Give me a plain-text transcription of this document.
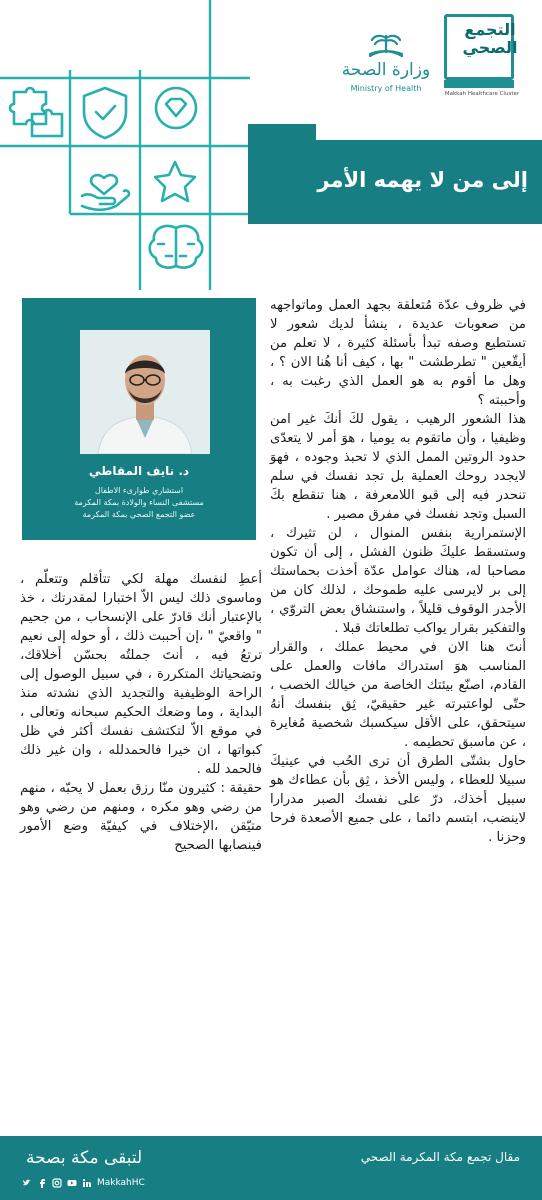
التجمع الصحي
Makkah Healthcare Cluster
وزارة الصحة
Ministry of Health
إلى من لا يهمه الأمر
د. نايف المقاطي
استشاري طوارىء الاطفال
مستشفى النساء والولادة بمكة المكرمة
عضو التجمع الصحي بمكة المكرمة

في ظروف عدّة مُتعلقة بجهد العمل وماتواجهه من صعوبات عديدة ، ينشأ لديك شعور لا تستطيع وصفه تبدأ بأسئلة كثيرة ، لا تعلم من أيقّعين " تطرطشت " بها ، كيف أنا هُنا الان ؟ ، وهل ما أقوم به هو العمل الذي رغبت به ، وأحببته ؟

هذا الشعور الرهيب ، يقول لكَ أنكَ غير امن وظيفيا ، وأن ماتقوم به يوميا ، هوَ أمر لا يتعدّى حدود الروتين الممل الذي لا تحبذ وجوده ، فهوَ لايجدد روحك العملية بل تجد نفسك في سلم تنحدر فيه إلى قبو اللامعرفة ، هنا تنقطع بكَ السبل وتجد نفسك في مفرق مصير .

الإستمرارية بنفس المنوال ، لن تثيرك ، وستسقط عليكَ ظنون الفشل ، إلى أن تكون مصاحبا له، هناك عوامل عدّة أخذت بحماستك إلى بر لايرسى عليه طموحك ، لذلك كان من الأجدر الوقوف قليلاً ، واستنشاق بعض التروّي ، والتفكير بقرار يواكب تطلعاتك قبلا .

أنتَ هنا الان في محيط عملك ، والقرار المناسب هوَ استدراك مافات والعمل على القادم، اصنّع بيئتك الخاصة من خيالك الخصب ، حتّى لواعتبرته غير حقيقيّ، ثِق بنفسك أنهُ سيتحقق، على الأقل سيكسبك شخصية مُغايرة ، عن ماسبق تحطيمه .

حاول بشتّى الطرق أن ترى الحُب في عينيكَ سبيلا للعطاء ، وليس الأخذ ، ثِق بأن عطاءك هو سبيل أخذك، درّ على نفسك الصبر مدرارا لاينضب، ابتسم دائما ، على جميع الأصعدة فرحا وحزنا .

أعطِ لنفسك مهلة لكي تتأقلم وتتعلّم ، وماسوى ذلك ليس الاّ اختبارا لمقدرتك ، خذ بالإعتبار أنك قادرّ على الإنسحاب ، من جحيم " واقعيّ " ،إن أحببت ذلك ، أو حوله إلى نعيم ترتعُ فيه ، أنتَ جملتُه بحسّن أخلاقك، وتضحياتك المتكررة ، في سبيل الوصول إلى الراحة الوظيفية والتجديد الذي نشدته منذ البداية ، وما وضعك الحكيم سبحانه وتعالى ، في موقع الاّ لتكتشف نفسك أكثر في ظل كبواتها ، ان خيرا فالحمدلله ، وان غير ذلك فالحمد لله .

حقيقة : كثيرون منّا رزق بعمل لا يحبّه ، منهم من رضي وهو مكره ، ومنهم من رضي وهو متيّقن ،الإختلاف في كيفيّة وضع الأمور فينصابها الصحيح

لتبقى مكة بصحة	مقال تجمع مكة المكرمة الصحي
MakkahHC
